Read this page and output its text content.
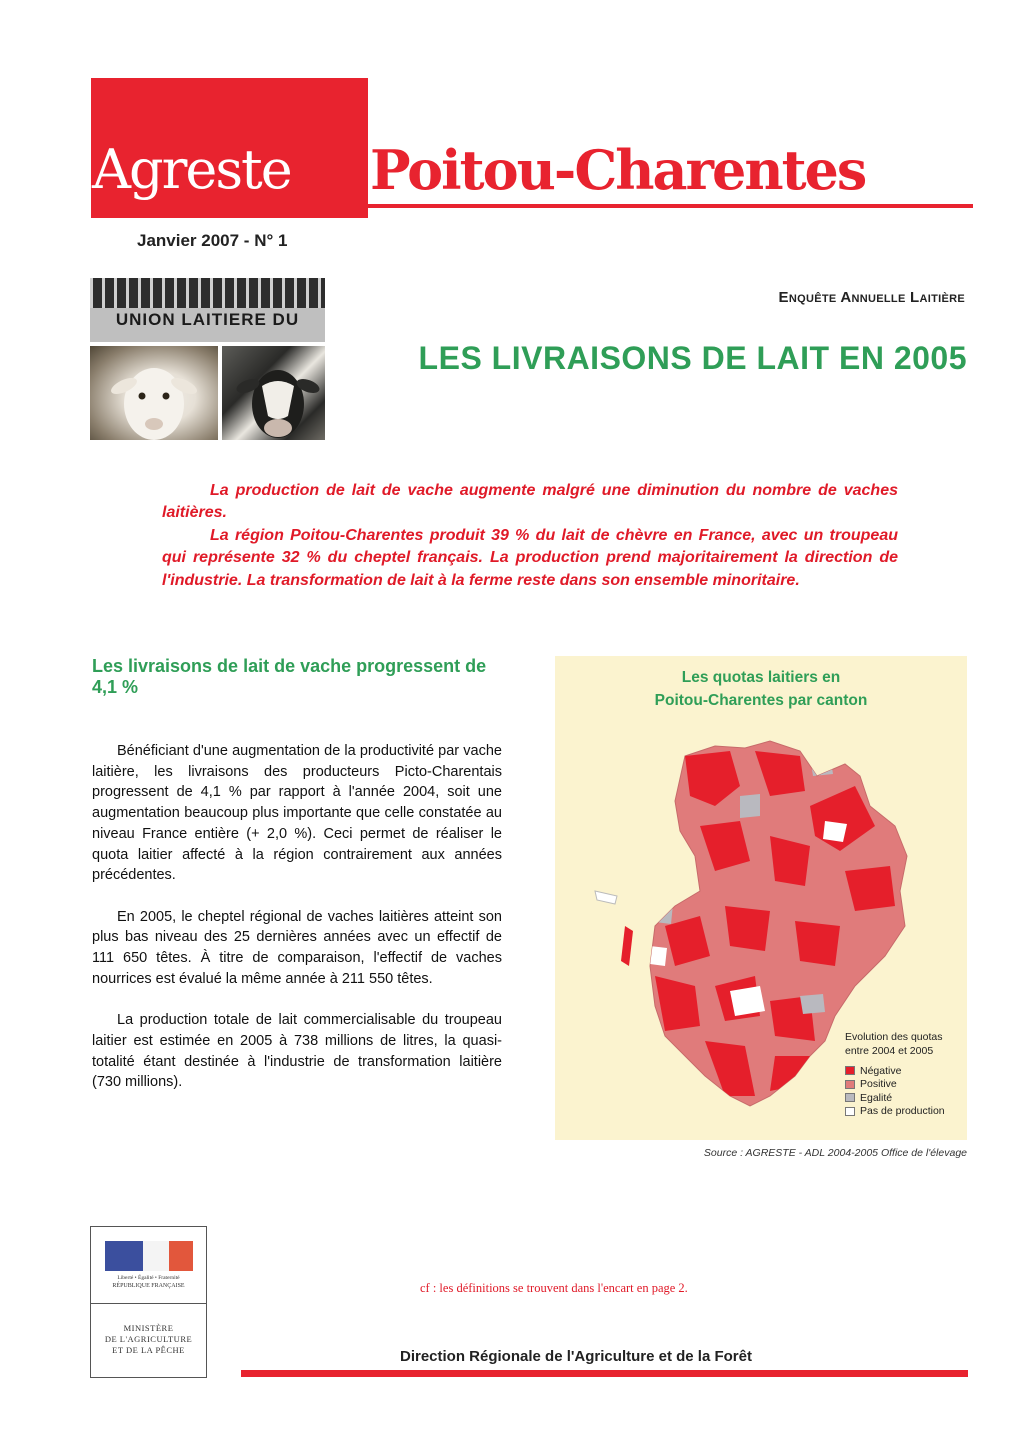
Agreste	Poitou-Charentes
Janvier 2007 - N° 1
UNION LAITIERE DU
Enquête Annuelle Laitière
LES LIVRAISONS DE LAIT EN 2005

La production de lait de vache augmente malgré une diminution du nombre de vaches laitières.

La région Poitou-Charentes produit 39 % du lait de chèvre en France, avec un troupeau qui représente 32 % du cheptel français. La production prend majoritairement la direction de l'industrie. La transformation de lait à la ferme reste dans son ensemble minoritaire.

Les livraisons de lait de vache progressent de 4,1 %

Bénéficiant d'une augmentation de la productivité par vache laitière, les livraisons des producteurs Picto-Charentais progressent de 4,1 % par rapport à l'année 2004, soit une augmentation beaucoup plus importante que celle constatée au niveau France entière (+ 2,0 %). Ceci permet de réaliser le quota laitier affecté à la région contrairement aux années précédentes.

En 2005, le cheptel régional de vaches laitières atteint son plus bas niveau des 25 dernières années avec un effectif de 111 650 têtes. À titre de comparaison, l'effectif de vaches nourrices est évalué la même année à 211 550 têtes.

La production totale de lait commercialisable du troupeau laitier est estimée en 2005 à 738 millions de litres, la quasi-totalité étant destinée à l'industrie de transformation laitière (730 millions).

Les quotas laitiers en
Poitou-Charentes par canton
Evolution des quotas
entre 2004 et 2005
Négative
Positive
Egalité
Pas de production
Source : AGRESTE - ADL 2004-2005 Office de l'élevage
Liberté • Égalité • Fraternité
RÉPUBLIQUE FRANÇAISE
MINISTÈRE
DE L'AGRICULTURE
ET DE LA PÊCHE
cf : les définitions se trouvent dans l'encart en page 2.
Direction Régionale de l'Agriculture et de la Forêt
